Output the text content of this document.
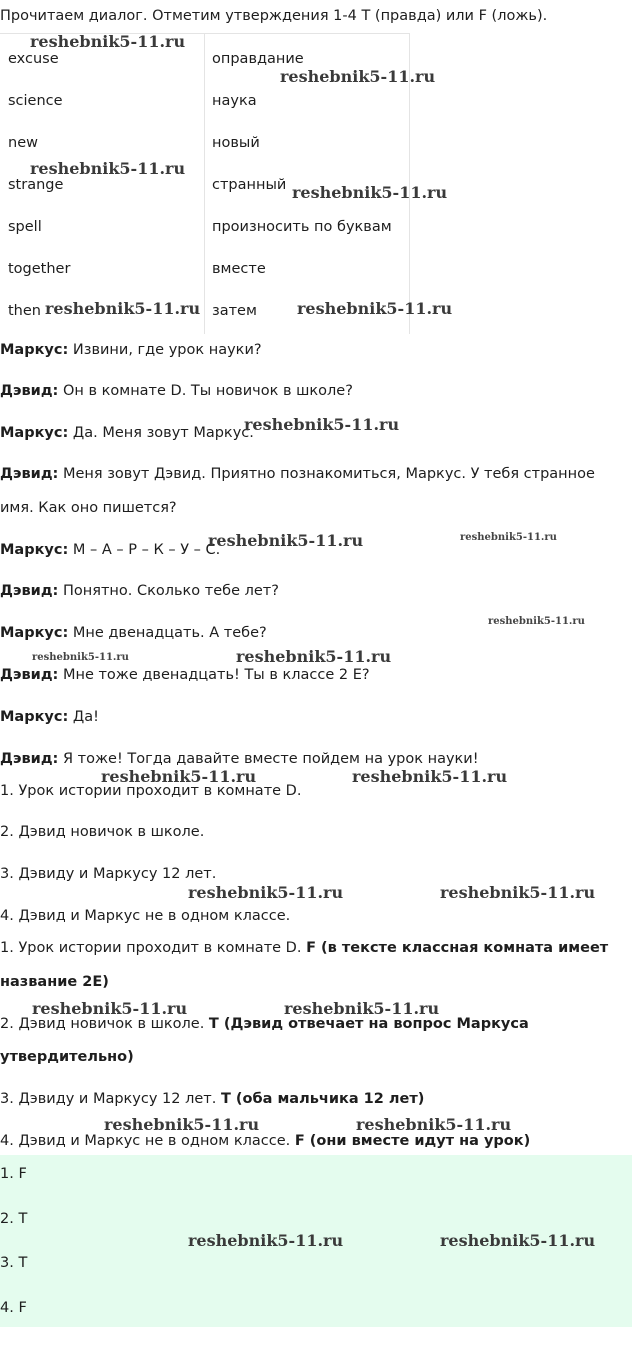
Прочитаем диалог. Отметим утверждения 1-4 T (правда) или F (ложь).
excuse	оправдание
science	наука
new	новый
strange	странный
spell	произносить по буквам
together	вместе
then	затем
Маркус: Извини, где урок науки?
Дэвид: Он в комнате D. Ты новичок в школе?
Маркус: Да. Меня зовут Маркус.
Дэвид: Меня зовут Дэвид. Приятно познакомиться, Маркус. У тебя странное
имя. Как оно пишется?
Маркус: М – А – Р – К – У – С.
Дэвид: Понятно. Сколько тебе лет?
Маркус: Мне двенадцать. А тебе?
Дэвид: Мне тоже двенадцать! Ты в классе 2 E?
Маркус: Да!
Дэвид: Я тоже! Тогда давайте вместе пойдем на урок науки!
1. Урок истории проходит в комнате D.
2. Дэвид новичок в школе.
3. Дэвиду и Маркусу 12 лет.
4. Дэвид и Маркус не в одном классе.
1. Урок истории проходит в комнате D. F (в тексте классная комната имеет
название 2E)
2. Дэвид новичок в школе. T (Дэвид отвечает на вопрос Маркуса
утвердительно)
3. Дэвиду и Маркусу 12 лет. T (оба мальчика 12 лет)
4. Дэвид и Маркус не в одном классе. F (они вместе идут на урок)
1. F
2. T
3. T
4. F
reshebnik5-11.ru
reshebnik5-11.ru
reshebnik5-11.ru
reshebnik5-11.ru
reshebnik5-11.ru	reshebnik5-11.ru
reshebnik5-11.ru
reshebnik5-11.ru	reshebnik5-11.ru
reshebnik5-11.ru
reshebnik5-11.ru	reshebnik5-11.ru
reshebnik5-11.ru	reshebnik5-11.ru
reshebnik5-11.ru	reshebnik5-11.ru
reshebnik5-11.ru	reshebnik5-11.ru
reshebnik5-11.ru	reshebnik5-11.ru
reshebnik5-11.ru	reshebnik5-11.ru
